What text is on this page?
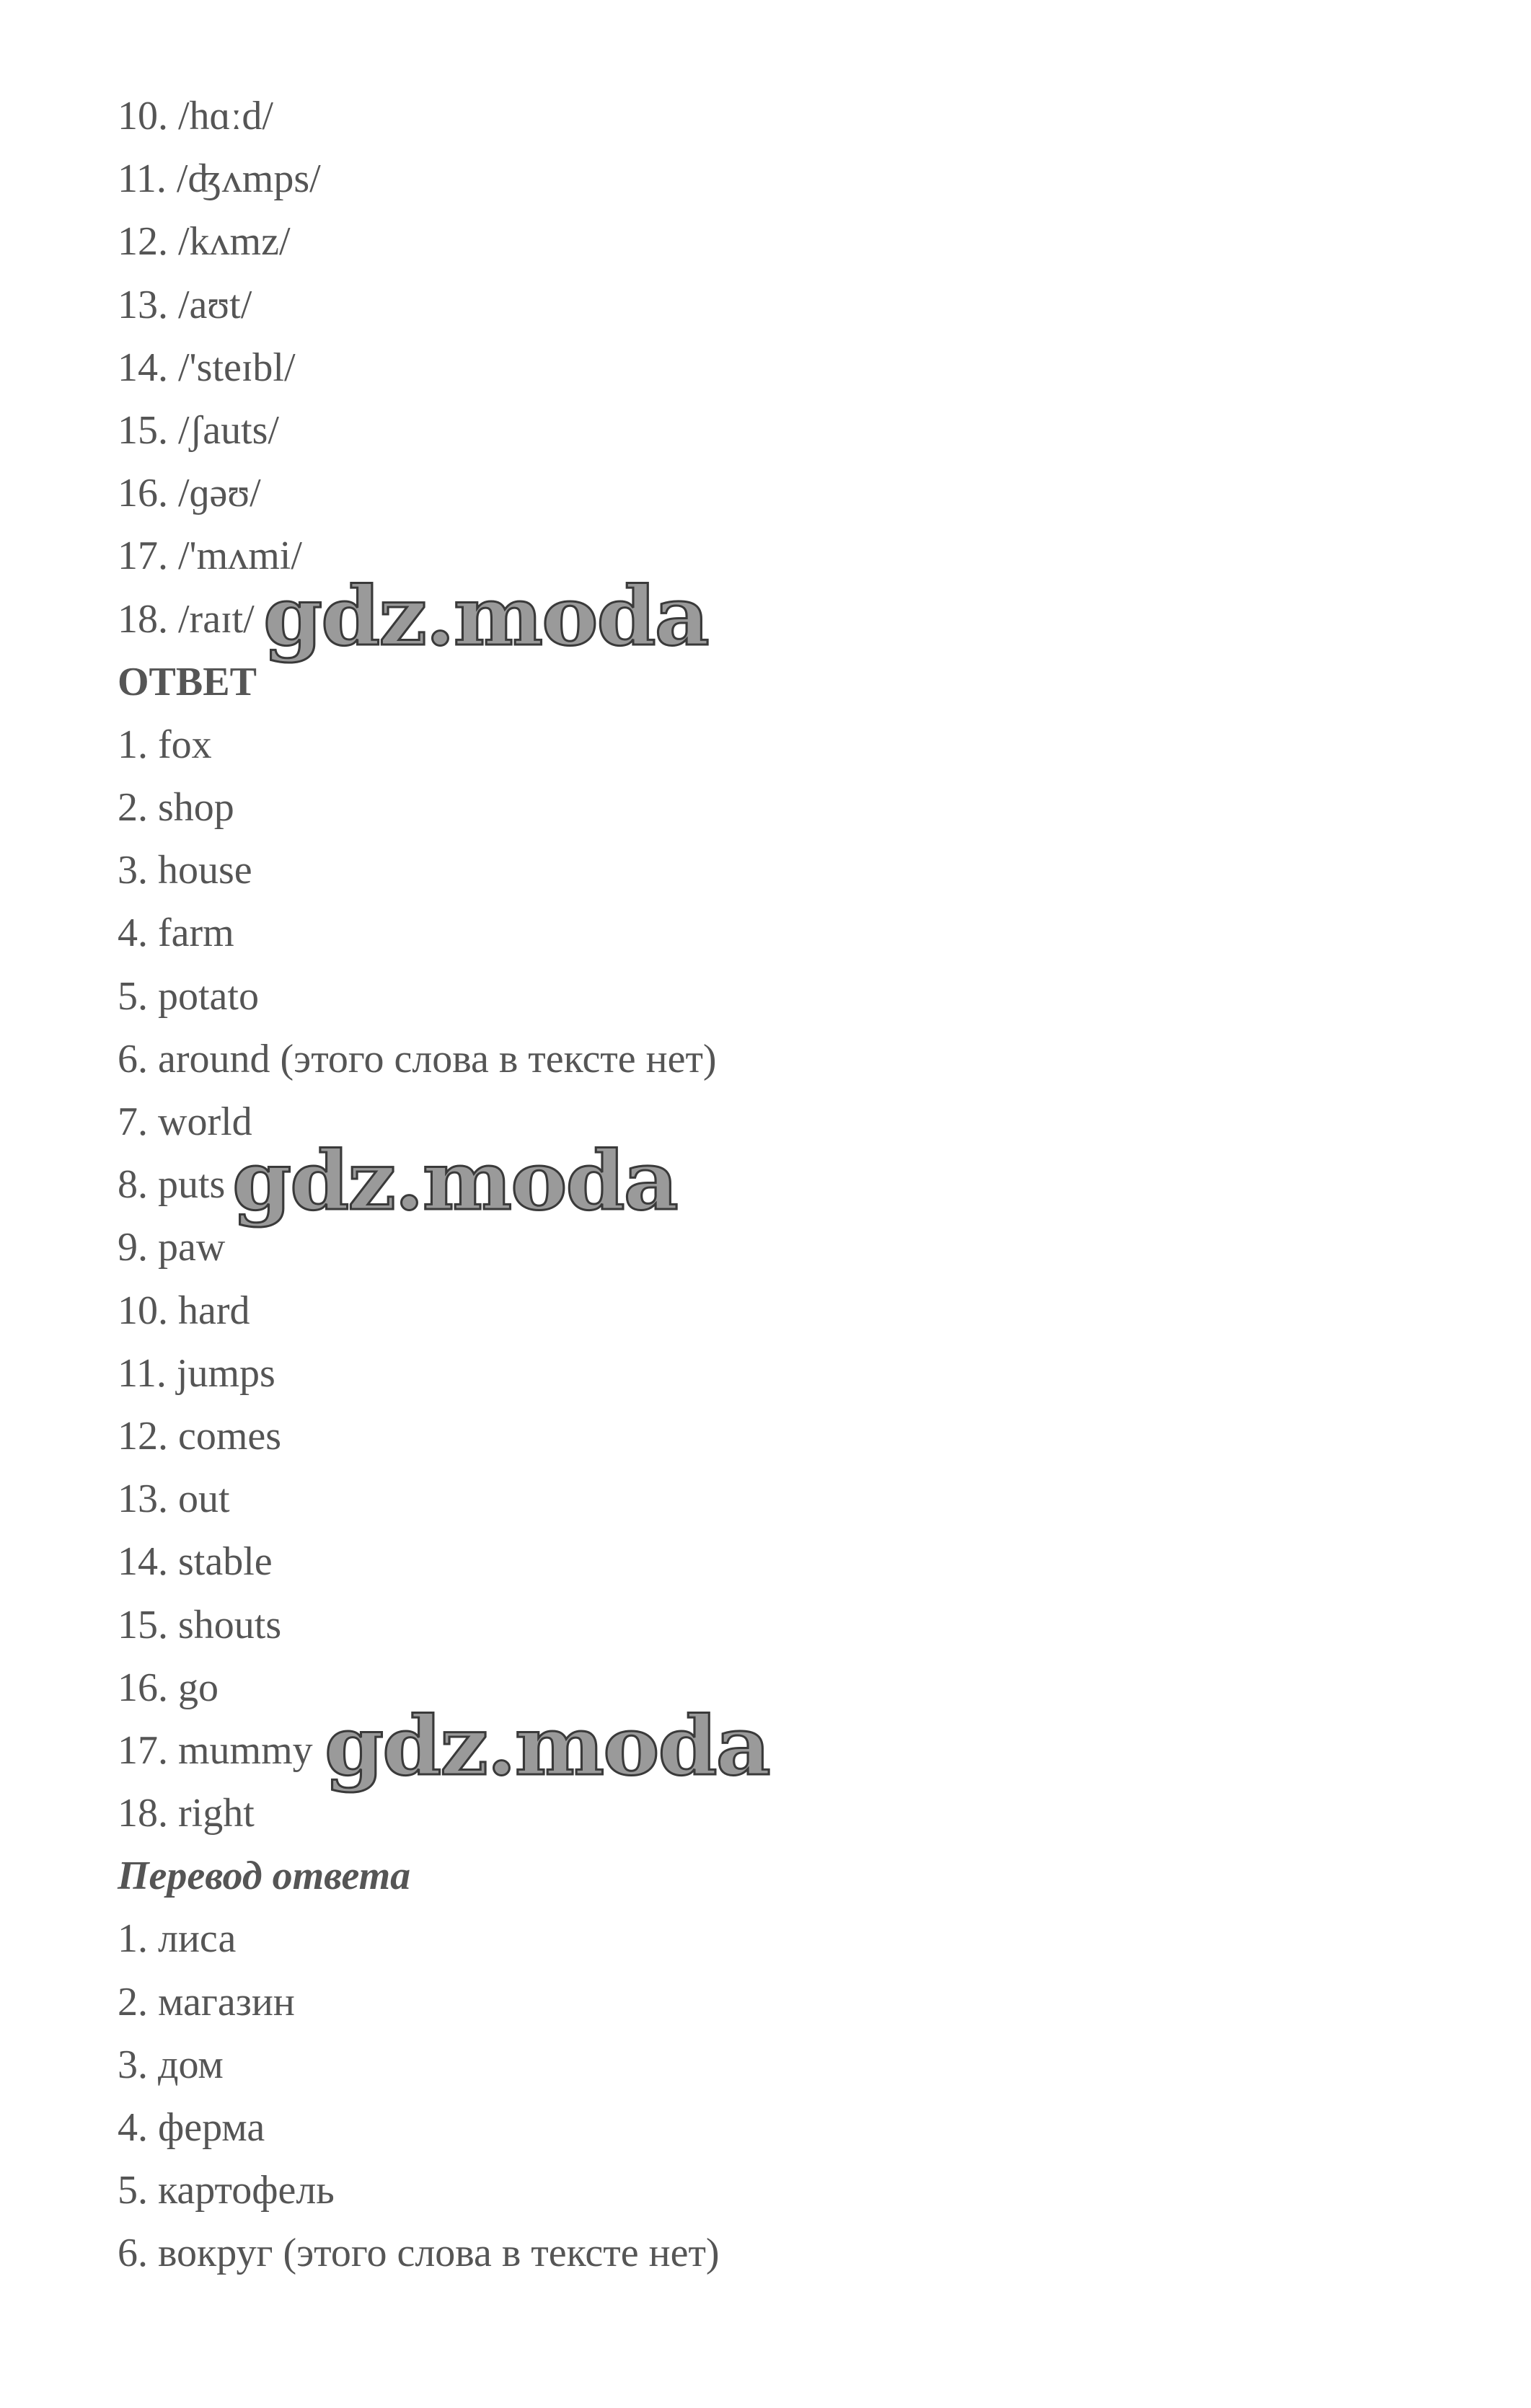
10. /hɑːd/
11. /ʤʌmps/
12. /kʌmz/
13. /aʊt/
14. /'steɪbl/
15. /ʃauts/
16. /ɡəʊ/
17. /'mʌmi/
18. /raɪt/
ОТВЕТ
1. fox
2. shop
3. house
4. farm
5. potato
6. around (этого слова в тексте нет)
7. world
8. puts
9. paw
10. hard
11. jumps
12. comes
13. out
14. stable
15. shouts
16. go
17. mummy
18. right
Перевод ответа
1. лиса
2. магазин
3. дом
4. ферма
5. картофель
6. вокруг (этого слова в тексте нет)
gdz.moda
gdz.moda
gdz.moda
